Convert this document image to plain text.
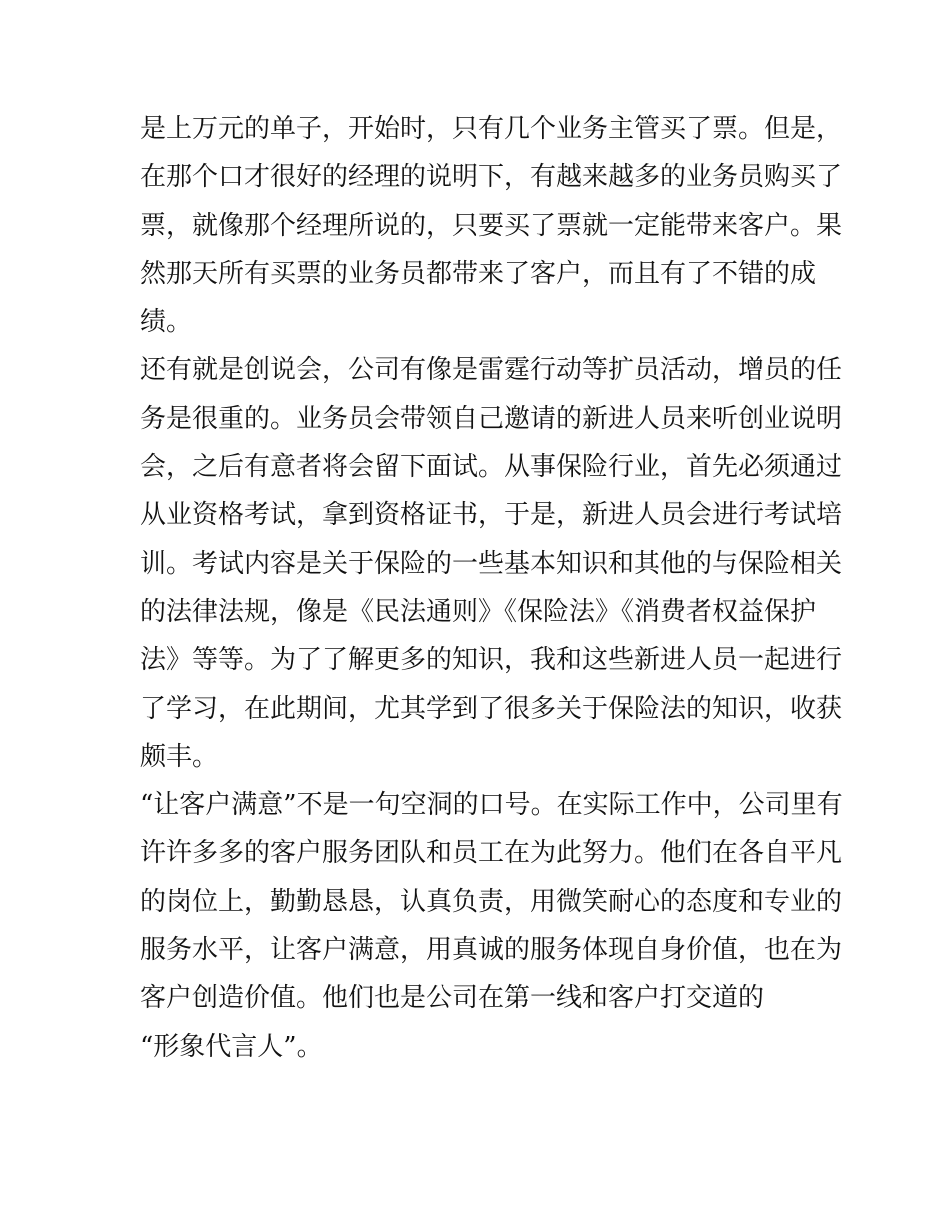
是上万元的单子，开始时，只有几个业务主管买了票。但是，
在那个口才很好的经理的说明下，有越来越多的业务员购买了
票，就像那个经理所说的，只要买了票就一定能带来客户。果
然那天所有买票的业务员都带来了客户，而且有了不错的成
绩。
还有就是创说会，公司有像是雷霆行动等扩员活动，增员的任
务是很重的。业务员会带领自己邀请的新进人员来听创业说明
会，之后有意者将会留下面试。从事保险行业，首先必须通过
从业资格考试，拿到资格证书，于是，新进人员会进行考试培
训。考试内容是关于保险的一些基本知识和其他的与保险相关
的法律法规，像是《民法通则》《保险法》《消费者权益保护
法》等等。为了了解更多的知识，我和这些新进人员一起进行
了学习，在此期间，尤其学到了很多关于保险法的知识，收获
颇丰。
“让客户满意”不是一句空洞的口号。在实际工作中，公司里有
许许多多的客户服务团队和员工在为此努力。他们在各自平凡
的岗位上，勤勤恳恳，认真负责，用微笑耐心的态度和专业的
服务水平，让客户满意，用真诚的服务体现自身价值，也在为
客户创造价值。他们也是公司在第一线和客户打交道的
“形象代言人”。
